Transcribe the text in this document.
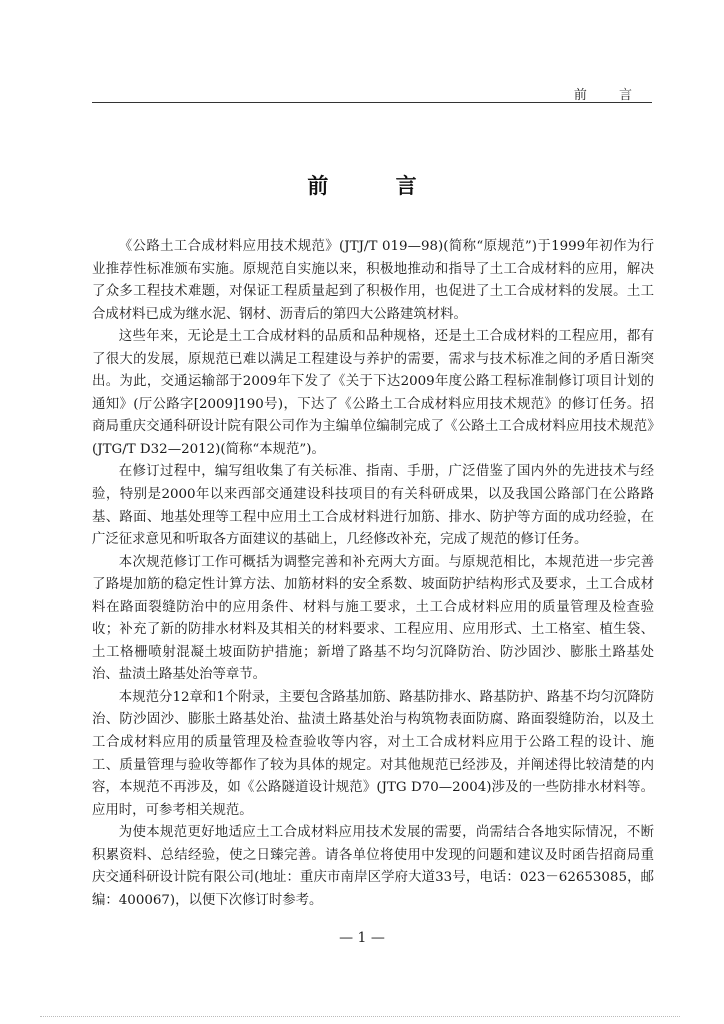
前 言
前 言

《公路土工合成材料应用技术规范》(JTJ/T 019—98)(简称“原规范”)于1999年初作为行业推荐性标准颁布实施。原规范自实施以来，积极地推动和指导了土工合成材料的应用，解决了众多工程技术难题，对保证工程质量起到了积极作用，也促进了土工合成材料的发展。土工合成材料已成为继水泥、钢材、沥青后的第四大公路建筑材料。

这些年来，无论是土工合成材料的品质和品种规格，还是土工合成材料的工程应用，都有了很大的发展，原规范已难以满足工程建设与养护的需要，需求与技术标准之间的矛盾日渐突出。为此，交通运输部于2009年下发了《关于下达2009年度公路工程标准制修订项目计划的通知》(厅公路字[2009]190号)，下达了《公路土工合成材料应用技术规范》的修订任务。招商局重庆交通科研设计院有限公司作为主编单位编制完成了《公路土工合成材料应用技术规范》(JTG/T D32—2012)(简称“本规范”)。

在修订过程中，编写组收集了有关标准、指南、手册，广泛借鉴了国内外的先进技术与经验，特别是2000年以来西部交通建设科技项目的有关科研成果，以及我国公路部门在公路路基、路面、地基处理等工程中应用土工合成材料进行加筋、排水、防护等方面的成功经验，在广泛征求意见和听取各方面建议的基础上，几经修改补充，完成了规范的修订任务。

本次规范修订工作可概括为调整完善和补充两大方面。与原规范相比，本规范进一步完善了路堤加筋的稳定性计算方法、加筋材料的安全系数、坡面防护结构形式及要求，土工合成材料在路面裂缝防治中的应用条件、材料与施工要求，土工合成材料应用的质量管理及检查验收；补充了新的防排水材料及其相关的材料要求、工程应用、应用形式、土工格室、植生袋、土工格栅喷射混凝土坡面防护措施；新增了路基不均匀沉降防治、防沙固沙、膨胀土路基处治、盐渍土路基处治等章节。

本规范分12章和1个附录，主要包含路基加筋、路基防排水、路基防护、路基不均匀沉降防治、防沙固沙、膨胀土路基处治、盐渍土路基处治与构筑物表面防腐、路面裂缝防治，以及土工合成材料应用的质量管理及检查验收等内容，对土工合成材料应用于公路工程的设计、施工、质量管理与验收等都作了较为具体的规定。对其他规范已经涉及，并阐述得比较清楚的内容，本规范不再涉及，如《公路隧道设计规范》(JTG D70—2004)涉及的一些防排水材料等。应用时，可参考相关规范。

为使本规范更好地适应土工合成材料应用技术发展的需要，尚需结合各地实际情况，不断积累资料、总结经验，使之日臻完善。请各单位将使用中发现的问题和建议及时函告招商局重庆交通科研设计院有限公司(地址：重庆市南岸区学府大道33号，电话：023－62653085，邮编：400067)，以便下次修订时参考。

— 1 —
